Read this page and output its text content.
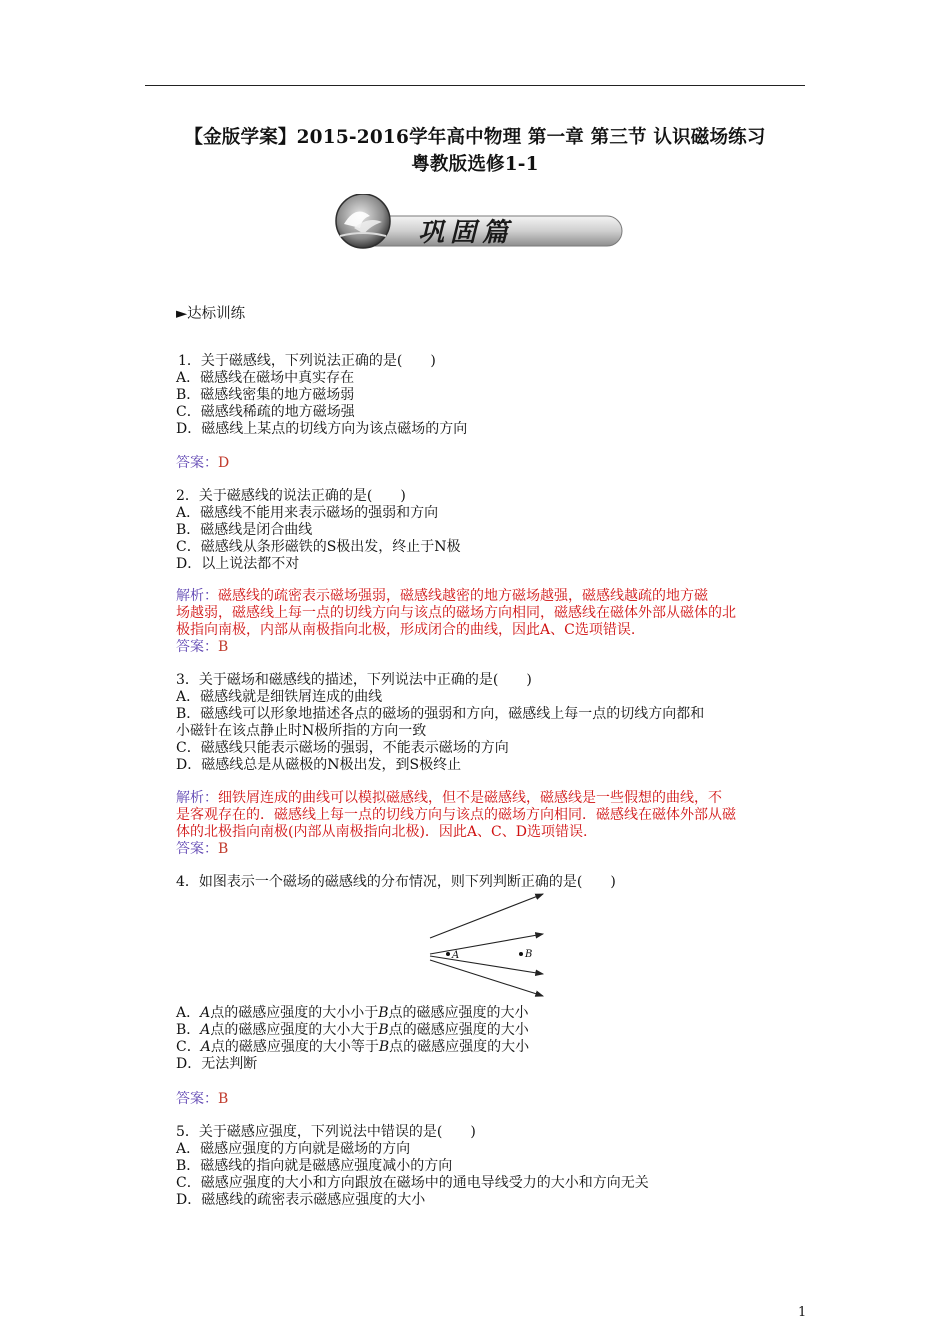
【金版学案】2015-2016学年高中物理 第一章 第三节 认识磁场练习
粤教版选修1-1
巩固篇
►达标训练
1．关于磁感线，下列说法正确的是(　　)
A．磁感线在磁场中真实存在
B．磁感线密集的地方磁场弱
C．磁感线稀疏的地方磁场强
D．磁感线上某点的切线方向为该点磁场的方向
答案：D
2．关于磁感线的说法正确的是(　　)
A．磁感线不能用来表示磁场的强弱和方向
B．磁感线是闭合曲线
C．磁感线从条形磁铁的S极出发，终止于N极
D．以上说法都不对
解析：磁感线的疏密表示磁场强弱，磁感线越密的地方磁场越强，磁感线越疏的地方磁
场越弱，磁感线上每一点的切线方向与该点的磁场方向相同，磁感线在磁体外部从磁体的北
极指向南极，内部从南极指向北极，形成闭合的曲线，因此A、C选项错误.
答案：B
3．关于磁场和磁感线的描述，下列说法中正确的是(　　)
A．磁感线就是细铁屑连成的曲线
B．磁感线可以形象地描述各点的磁场的强弱和方向，磁感线上每一点的切线方向都和
小磁针在该点静止时N极所指的方向一致
C．磁感线只能表示磁场的强弱，不能表示磁场的方向
D．磁感线总是从磁极的N极出发，到S极终止
解析：细铁屑连成的曲线可以模拟磁感线，但不是磁感线，磁感线是一些假想的曲线，不
是客观存在的．磁感线上每一点的切线方向与该点的磁场方向相同．磁感线在磁体外部从磁
体的北极指向南极(内部从南极指向北极)．因此A、C、D选项错误.
答案：B
4．如图表示一个磁场的磁感线的分布情况，则下列判断正确的是(　　)
A	B
A．A点的磁感应强度的大小小于B点的磁感应强度的大小
B．A点的磁感应强度的大小大于B点的磁感应强度的大小
C．A点的磁感应强度的大小等于B点的磁感应强度的大小
D．无法判断
答案：B
5．关于磁感应强度，下列说法中错误的是(　　)
A．磁感应强度的方向就是磁场的方向
B．磁感线的指向就是磁感应强度减小的方向
C．磁感应强度的大小和方向跟放在磁场中的通电导线受力的大小和方向无关
D．磁感线的疏密表示磁感应强度的大小
1
